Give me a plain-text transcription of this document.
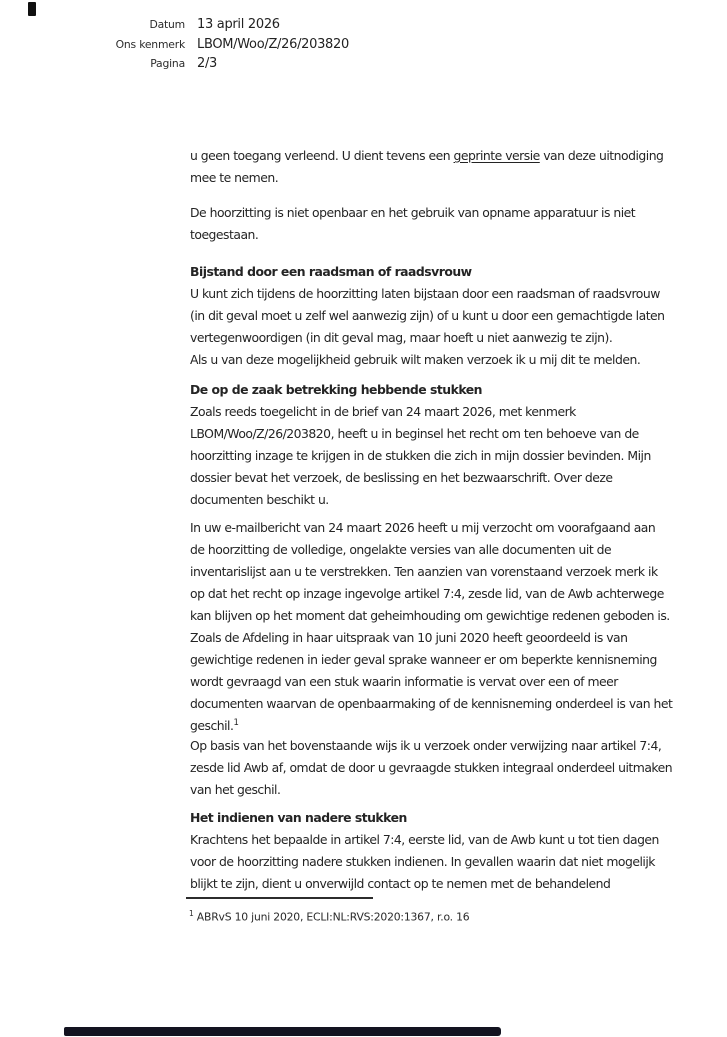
Datum 13 april 2026
Ons kenmerk LBOM/Woo/Z/26/203820
Pagina 2/3
u geen toegang verleend. U dient tevens een geprinte versie van deze uitnodiging
mee te nemen.
De hoorzitting is niet openbaar en het gebruik van opname apparatuur is niet
toegestaan.
Bijstand door een raadsman of raadsvrouw
U kunt zich tijdens de hoorzitting laten bijstaan door een raadsman of raadsvrouw
(in dit geval moet u zelf wel aanwezig zijn) of u kunt u door een gemachtigde laten
vertegenwoordigen (in dit geval mag, maar hoeft u niet aanwezig te zijn).
Als u van deze mogelijkheid gebruik wilt maken verzoek ik u mij dit te melden.
De op de zaak betrekking hebbende stukken
Zoals reeds toegelicht in de brief van 24 maart 2026, met kenmerk
LBOM/Woo/Z/26/203820, heeft u in beginsel het recht om ten behoeve van de
hoorzitting inzage te krijgen in de stukken die zich in mijn dossier bevinden. Mijn
dossier bevat het verzoek, de beslissing en het bezwaarschrift. Over deze
documenten beschikt u.
In uw e-mailbericht van 24 maart 2026 heeft u mij verzocht om voorafgaand aan
de hoorzitting de volledige, ongelakte versies van alle documenten uit de
inventarislijst aan u te verstrekken. Ten aanzien van vorenstaand verzoek merk ik
op dat het recht op inzage ingevolge artikel 7:4, zesde lid, van de Awb achterwege
kan blijven op het moment dat geheimhouding om gewichtige redenen geboden is.
Zoals de Afdeling in haar uitspraak van 10 juni 2020 heeft geoordeeld is van
gewichtige redenen in ieder geval sprake wanneer er om beperkte kennisneming
wordt gevraagd van een stuk waarin informatie is vervat over een of meer
documenten waarvan de openbaarmaking of de kennisneming onderdeel is van het
geschil.$^1$
Op basis van het bovenstaande wijs ik u verzoek onder verwijzing naar artikel 7:4,
zesde lid Awb af, omdat de door u gevraagde stukken integraal onderdeel uitmaken
van het geschil.
Het indienen van nadere stukken
Krachtens het bepaalde in artikel 7:4, eerste lid, van de Awb kunt u tot tien dagen
voor de hoorzitting nadere stukken indienen. In gevallen waarin dat niet mogelijk
blijkt te zijn, dient u onverwijld contact op te nemen met de behandelend
$^1$ ABRvS 10 juni 2020, ECLI:NL:RVS:2020:1367, r.o. 16
